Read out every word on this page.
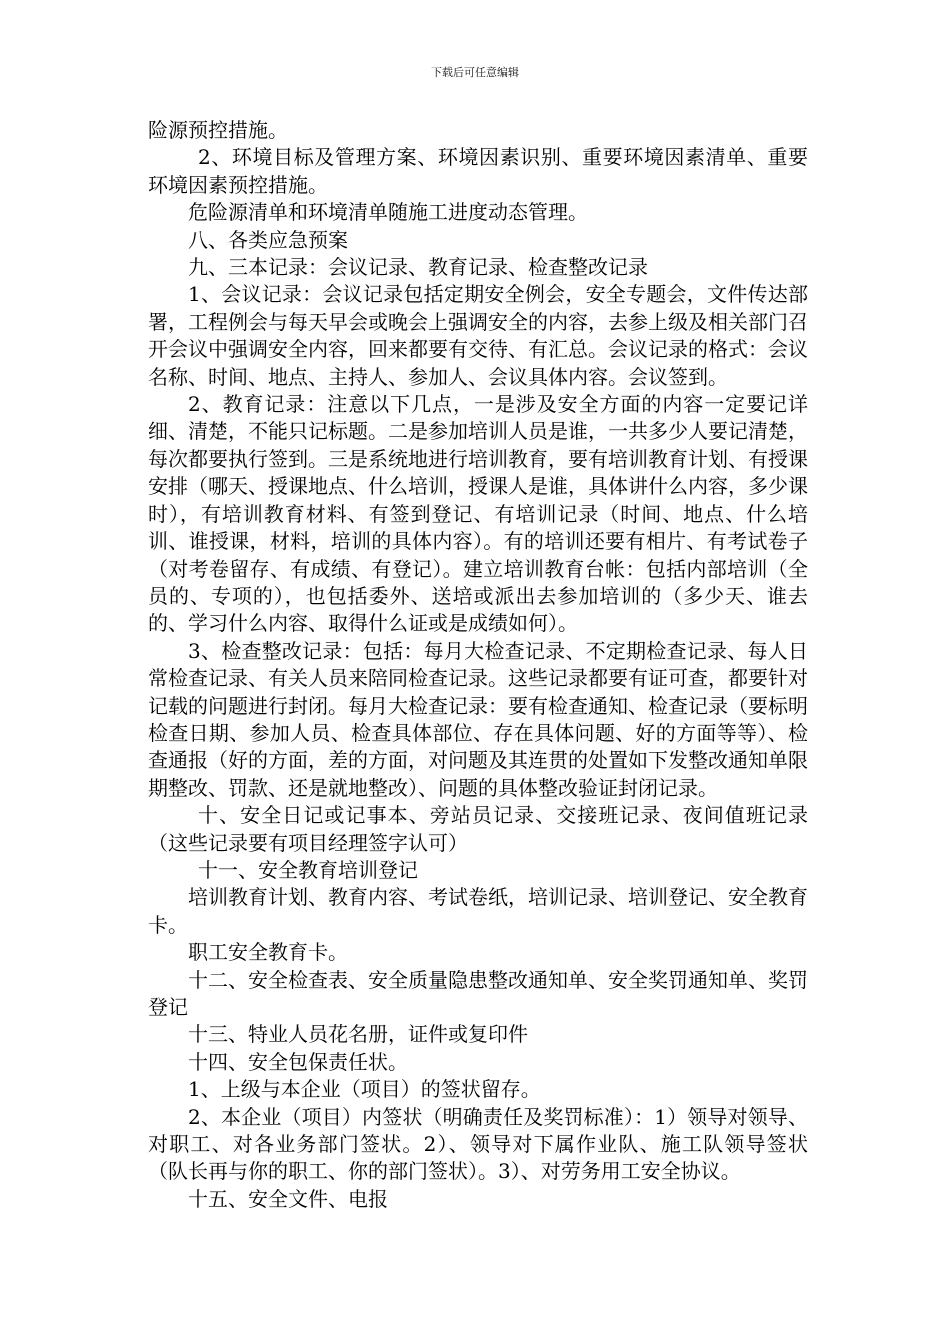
下载后可任意编辑

险源预控措施。

2、环境目标及管理方案、环境因素识别、重要环境因素清单、重要环境因素预控措施。

危险源清单和环境清单随施工进度动态管理。

八、各类应急预案

九、三本记录：会议记录、教育记录、检查整改记录

1、会议记录：会议记录包括定期安全例会，安全专题会，文件传达部署，工程例会与每天早会或晚会上强调安全的内容，去参上级及相关部门召开会议中强调安全内容，回来都要有交待、有汇总。会议记录的格式：会议名称、时间、地点、主持人、参加人、会议具体内容。会议签到。

2、教育记录：注意以下几点，一是涉及安全方面的内容一定要记详细、清楚，不能只记标题。二是参加培训人员是谁，一共多少人要记清楚，每次都要执行签到。三是系统地进行培训教育，要有培训教育计划、有授课安排（哪天、授课地点、什么培训，授课人是谁，具体讲什么内容，多少课时），有培训教育材料、有签到登记、有培训记录（时间、地点、什么培训、谁授课，材料，培训的具体内容）。有的培训还要有相片、有考试卷子（对考卷留存、有成绩、有登记）。建立培训教育台帐：包括内部培训（全员的、专项的），也包括委外、送培或派出去参加培训的（多少天、谁去的、学习什么内容、取得什么证或是成绩如何）。

3、检查整改记录：包括：每月大检查记录、不定期检查记录、每人日常检查记录、有关人员来陪同检查记录。这些记录都要有证可查，都要针对记载的问题进行封闭。每月大检查记录：要有检查通知、检查记录（要标明检查日期、参加人员、检查具体部位、存在具体问题、好的方面等等）、检查通报（好的方面，差的方面，对问题及其连贯的处置如下发整改通知单限期整改、罚款、还是就地整改）、问题的具体整改验证封闭记录。

十、安全日记或记事本、旁站员记录、交接班记录、夜间值班记录（这些记录要有项目经理签字认可）

十一、安全教育培训登记

培训教育计划、教育内容、考试卷纸，培训记录、培训登记、安全教育卡。

职工安全教育卡。

十二、安全检查表、安全质量隐患整改通知单、安全奖罚通知单、奖罚登记

十三、特业人员花名册，证件或复印件

十四、安全包保责任状。

1、上级与本企业（项目）的签状留存。

2、本企业（项目）内签状（明确责任及奖罚标准）：1）领导对领导、对职工、对各业务部门签状。2）、领导对下属作业队、施工队领导签状（队长再与你的职工、你的部门签状）。3）、对劳务用工安全协议。

十五、安全文件、电报
